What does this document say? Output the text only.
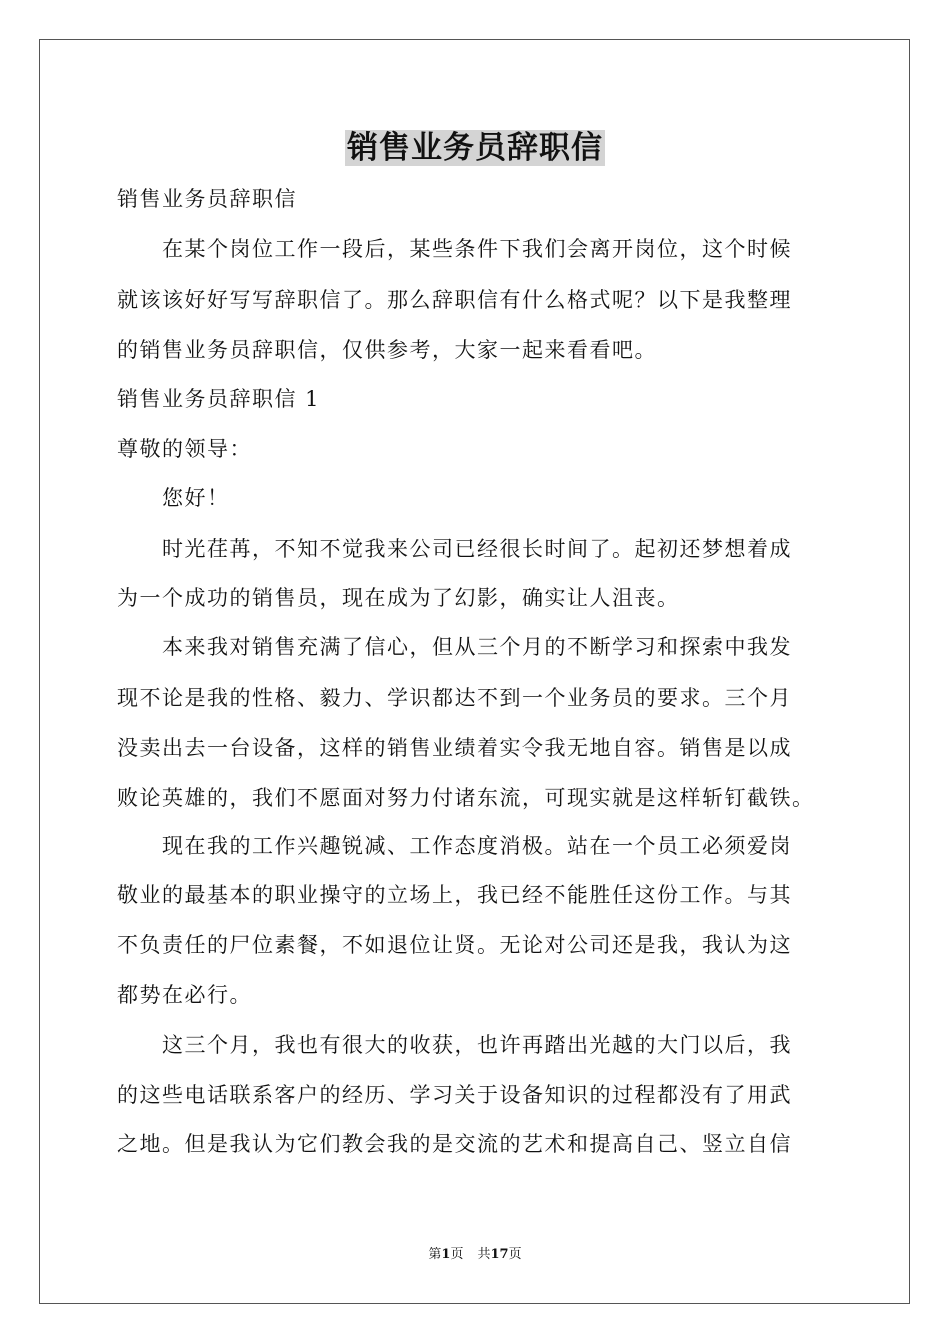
销售业务员辞职信
销售业务员辞职信
　　在某个岗位工作一段后，某些条件下我们会离开岗位，这个时候
就该该好好写写辞职信了。那么辞职信有什么格式呢？以下是我整理
的销售业务员辞职信，仅供参考，大家一起来看看吧。
销售业务员辞职信 1
尊敬的领导：
　　您好！
　　时光荏苒，不知不觉我来公司已经很长时间了。起初还梦想着成
为一个成功的销售员，现在成为了幻影，确实让人沮丧。
　　本来我对销售充满了信心，但从三个月的不断学习和探索中我发
现不论是我的性格、毅力、学识都达不到一个业务员的要求。三个月
没卖出去一台设备，这样的销售业绩着实令我无地自容。销售是以成
败论英雄的，我们不愿面对努力付诸东流，可现实就是这样斩钉截铁。
　　现在我的工作兴趣锐减、工作态度消极。站在一个员工必须爱岗
敬业的最基本的职业操守的立场上，我已经不能胜任这份工作。与其
不负责任的尸位素餐，不如退位让贤。无论对公司还是我，我认为这
都势在必行。
　　这三个月，我也有很大的收获，也许再踏出光越的大门以后，我
的这些电话联系客户的经历、学习关于设备知识的过程都没有了用武
之地。但是我认为它们教会我的是交流的艺术和提高自己、竖立自信
第1页 共17页
